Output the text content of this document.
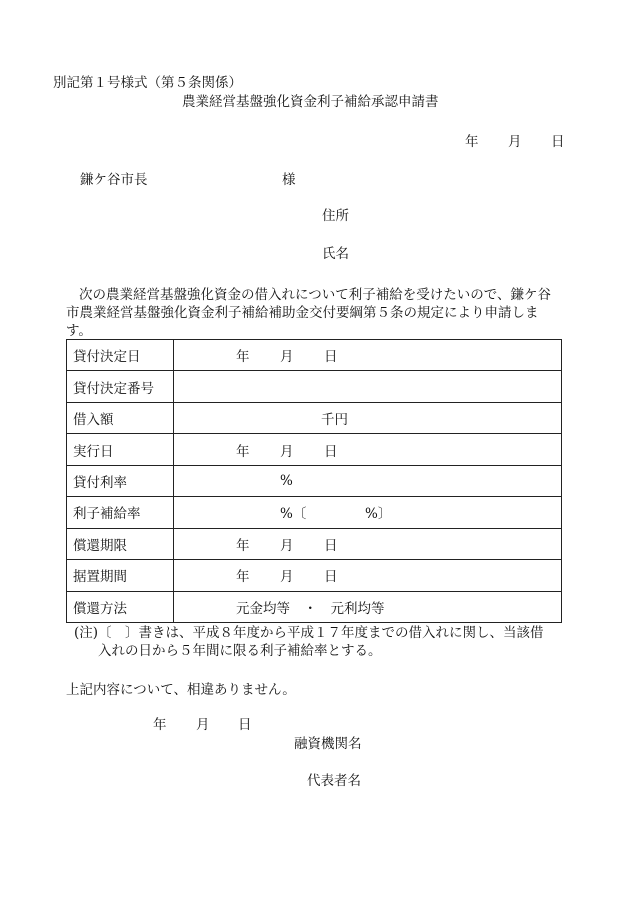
別記第１号様式（第５条関係）
農業経営基盤強化資金利子補給承認申請書
年 月 日
鎌ケ谷市長	様
住所
氏名
次の農業経営基盤強化資金の借入れについて利子補給を受けたいので、鎌ケ谷市農業経営基盤強化資金利子補給補助金交付要綱第５条の規定により申請します。
貸付決定日	年 月 日

貸付決定番号	
借入額	千円

実行日	年 月 日

貸付利率	%

利子補給率	%〔 %〕

償還期限	年 月 日

据置期間	年 月 日

償還方法	元金均等　・　元利均等
(注)〔　〕書きは、平成８年度から平成１７年度までの借入れに関し、当該借
入れの日から５年間に限る利子補給率とする。
上記内容について、相違ありません。
年 月 日
融資機関名
代表者名
